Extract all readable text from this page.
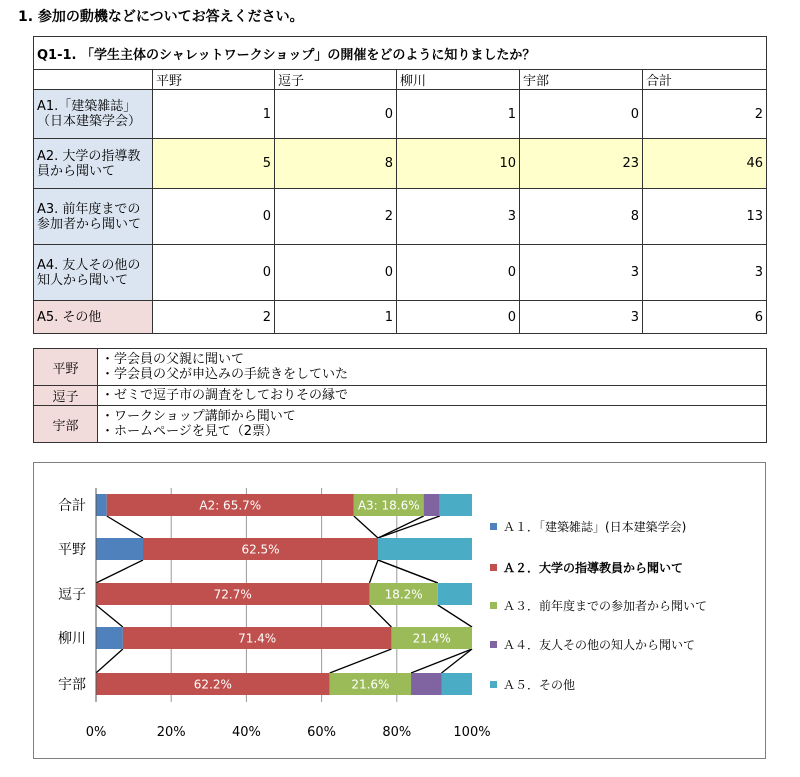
1. 参加の動機などについてお答えください。
Q1-1. 「学生主体のシャレットワークショップ」の開催をどのように知りましたか？					
	平野	逗子	柳川	宇部	合計
A1.「建築雑誌」（日本建築学会）	1	0	1	0	2
A2. 大学の指導教員から聞いて	5	8	10	23	46
A3. 前年度までの参加者から聞いて	0	2	3	8	13
A4. 友人その他の知人から聞いて	0	0	0	3	3
A5. その他	2	1	0	3	6
平野	・学会員の父親に聞いて
・学会員の父が申込みの手続きをしていた

逗子	・ゼミで逗子市の調査をしておりその縁で

宇部	・ワークショップ講師から聞いて
・ホームページを見て（2票）
A2: 65.7%	A3: 18.6%
合計
62.5%
平野
72.7%	18.2%
逗子
71.4%	21.4%
柳川
62.2%	21.6%
宇部
0%	20%	40%	60%	80%	100%
Ａ１．「建築雑誌」(日本建築学会)
Ａ２．大学の指導教員から聞いて
Ａ３．前年度までの参加者から聞いて
Ａ４．友人その他の知人から聞いて
Ａ５．その他
